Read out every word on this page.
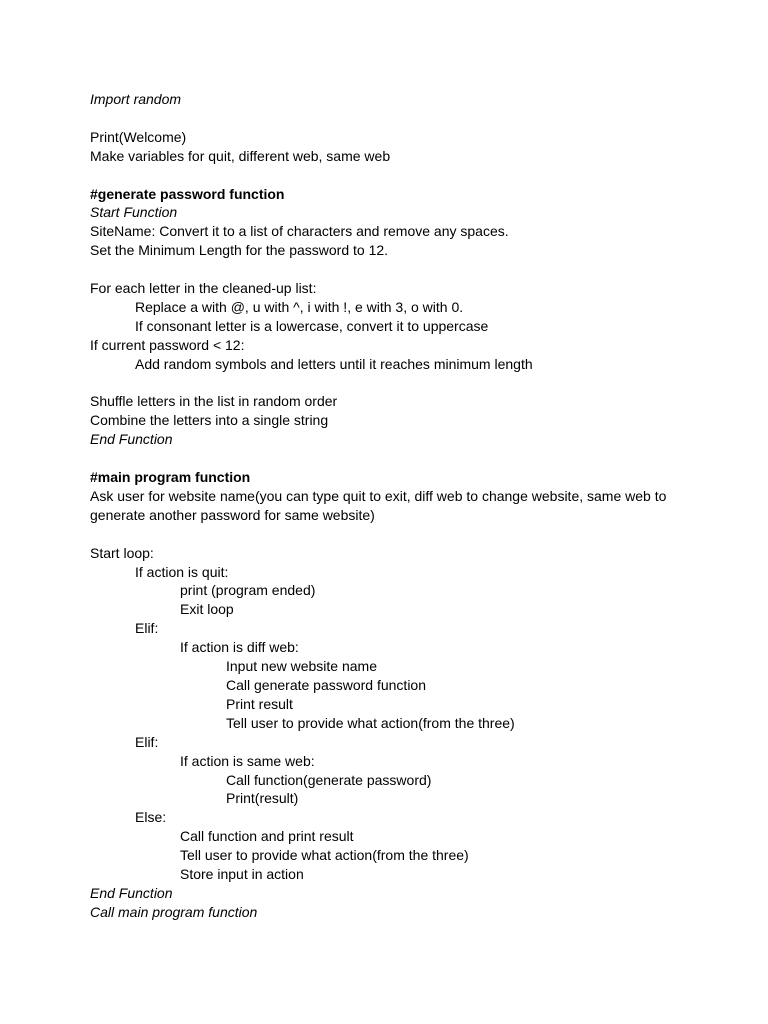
Import random
Print(Welcome)
Make variables for quit, different web, same web
#generate password function
Start Function
SiteName: Convert it to a list of characters and remove any spaces.
Set the Minimum Length for the password to 12.
For each letter in the cleaned-up list:
Replace a with @, u with ^, i with !, e with 3, o with 0.
If consonant letter is a lowercase, convert it to uppercase
If current password < 12:
Add random symbols and letters until it reaches minimum length
Shuffle letters in the list in random order
Combine the letters into a single string
End Function
#main program function
Ask user for website name(you can type quit to exit, diff web to change website, same web to generate another password for same website)
Start loop:
If action is quit:
print (program ended)
Exit loop
Elif:
If action is diff web:
Input new website name
Call generate password function
Print result
Tell user to provide what action(from the three)
Elif:
If action is same web:
Call function(generate password)
Print(result)
Else:
Call function and print result
Tell user to provide what action(from the three)
Store input in action
End Function
Call main program function
